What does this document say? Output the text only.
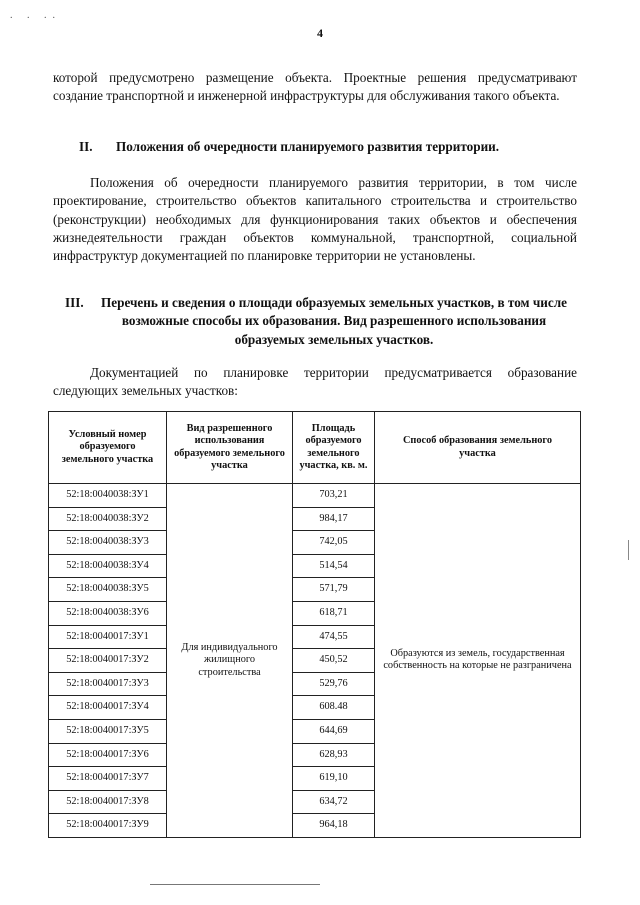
. . ..
4
которой предусмотрено размещение объекта. Проектные решения предусматривают создание транспортной и инженерной инфраструктуры для обслуживания такого объекта.
II. Положения об очередности планируемого развития территории.
Положения об очередности планируемого развития территории, в том числе проектирование, строительство объектов капитального строительства и строительство (реконструкции) необходимых для функционирования таких объектов и обеспечения жизнедеятельности граждан объектов коммунальной, транспортной, социальной инфраструктур документацией по планировке территории не установлены.
III.	Перечень и сведения о площади образуемых земельных участков, в том числе возможные способы их образования. Вид разрешенного использования образуемых земельных участков.
Документацией по планировке территории предусматривается образование следующих земельных участков:
Условный номер образуемого земельного участка	Вид разрешенного использования образуемого земельного участка	Площадь образуемого земельного участка, кв. м.	Способ образования земельного участка
52:18:0040038:ЗУ1	Для индивидуального жилищного строительства	703,21	Образуются из земель, государственная собственность на которые не разграничена
52:18:0040038:ЗУ2		984,17	
52:18:0040038:ЗУ3		742,05	
52:18:0040038:ЗУ4		514,54	
52:18:0040038:ЗУ5		571,79	
52:18:0040038:ЗУ6		618,71	
52:18:0040017:ЗУ1		474,55	
52:18:0040017:ЗУ2		450,52	
52:18:0040017:ЗУ3		529,76	
52:18:0040017:ЗУ4		608.48	
52:18:0040017:ЗУ5		644,69	
52:18:0040017:ЗУ6		628,93	
52:18:0040017:ЗУ7		619,10	
52:18:0040017:ЗУ8		634,72	
52:18:0040017:ЗУ9		964,18	
